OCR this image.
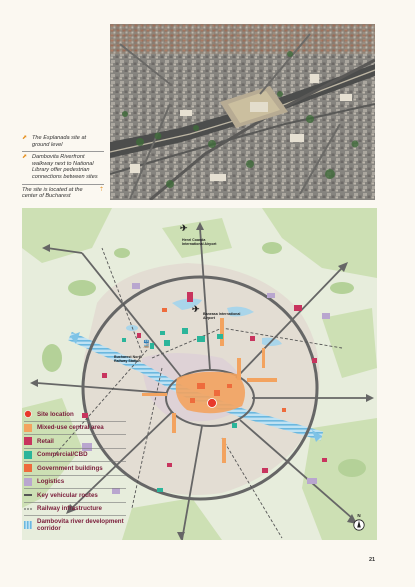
⬈ The Esplanada site at ground level
⬈ Dambovita Riverfront walkway next to National Library offer pedestrian connections between sites
⇡
The site is located at the center of Bucharest
✈
Henri Coanda International Airport
✈ Baneasa International Airport
🚆
Bucharest North Railway Station
N
Site location
Mixed-use central area
Retail
Commercial/CBD
Government buildings
Logistics
Key vehicular routes
Railway infrastructure
Dambovita river development corridor
21
